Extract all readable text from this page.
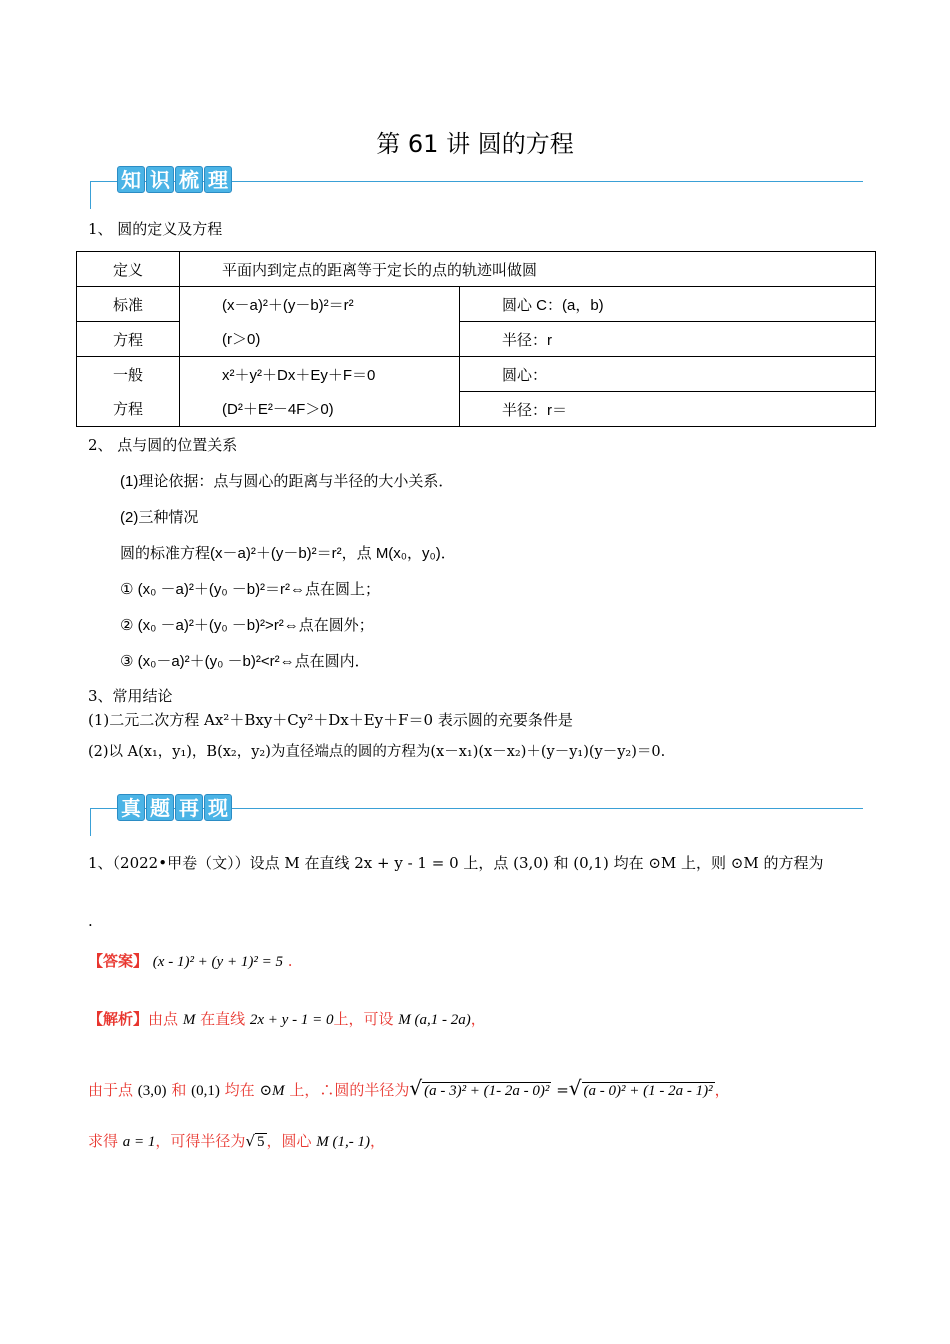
第 61 讲 圆的方程
知 识 梳 理
1、 圆的定义及方程
定义	平面内到定点的距离等于定长的点的轨迹叫做圆	
标准	(x－a)²＋(y－b)²＝r²	圆心 C：(a，b)
方程	(r＞0)	半径：r
一般	x²＋y²＋Dx＋Ey＋F＝0	圆心：
方程	(D²＋E²－4F＞0)	半径：r＝
2、 点与圆的位置关系
(1)理论依据：点与圆心的距离与半径的大小关系．
(2)三种情况
圆的标准方程(x－a)²＋(y－b)²＝r²，点 M(x₀，y₀)．
① (x₀ －a)²＋(y₀ －b)²＝r²⇔点在圆上；
② (x₀ －a)²＋(y₀ －b)²>r²⇔点在圆外；
③ (x₀－a)²＋(y₀ －b)²<r²⇔点在圆内．
3、常用结论
(1)二元二次方程 Ax²＋Bxy＋Cy²＋Dx＋Ey＋F＝0 表示圆的充要条件是
(2)以 A(x₁，y₁)，B(x₂，y₂)为直径端点的圆的方程为(x－x₁)(x－x₂)＋(y－y₁)(y－y₂)＝0.
真 题 再 现
1、（2022•甲卷（文））设点 M 在直线 2x + y - 1 = 0 上，点 (3,0) 和 (0,1) 均在 ⊙M 上，则 ⊙M 的方程为
.
【答案】 (x - 1)² + (y + 1)² = 5 .
【解析】由点 M 在直线 2x + y - 1 = 0上，可设 M (a,1 - 2a)，
由于点 (3,0) 和 (0,1) 均在 ⊙M 上，∴圆的半径为√ (a - 3)² + (1- 2a - 0)² =√ (a - 0)² + (1 - 2a - 1)² ，
求得 a = 1，可得半径为√ 5 ，圆心 M (1,- 1)，
